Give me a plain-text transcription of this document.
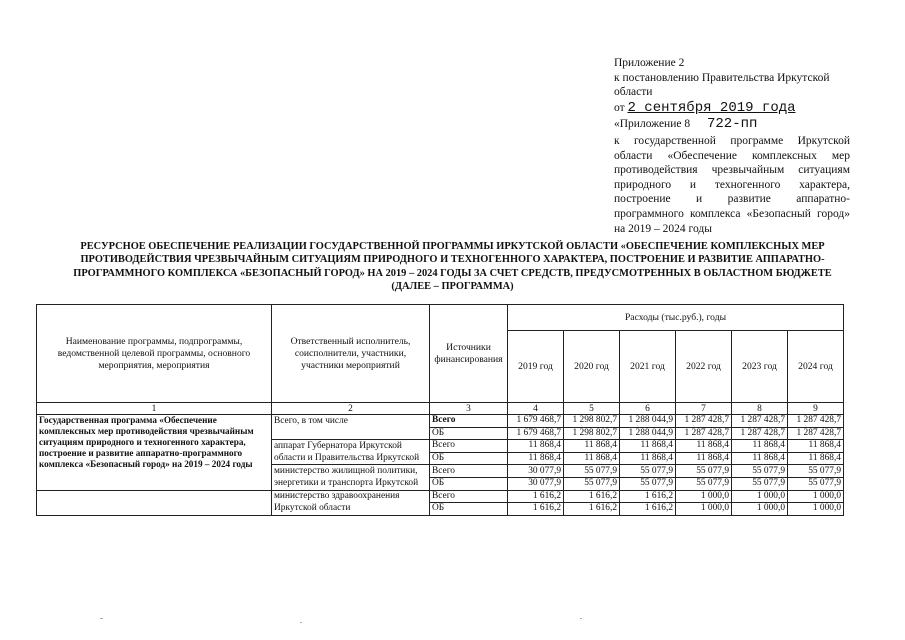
Приложение 2
к постановлению Правительства Иркутской
области
от 2 сентября 2019 года
«Приложение 8 722-пп
к государственной программе Иркутской
области «Обеспечение комплексных мер
противодействия чрезвычайным ситуациям
природного и техногенного характера,
построение и развитие аппаратно-
программного комплекса «Безопасный город»
на 2019 – 2024 годы
РЕСУРСНОЕ ОБЕСПЕЧЕНИЕ РЕАЛИЗАЦИИ ГОСУДАРСТВЕННОЙ ПРОГРАММЫ ИРКУТСКОЙ ОБЛАСТИ «ОБЕСПЕЧЕНИЕ КОМПЛЕКСНЫХ МЕР ПРОТИВОДЕЙСТВИЯ ЧРЕЗВЫЧАЙНЫМ СИТУАЦИЯМ ПРИРОДНОГО И ТЕХНОГЕННОГО ХАРАКТЕРА, ПОСТРОЕНИЕ И РАЗВИТИЕ АППАРАТНО-ПРОГРАММНОГО КОМПЛЕКСА «БЕЗОПАСНЫЙ ГОРОД» НА 2019 – 2024 ГОДЫ ЗА СЧЕТ СРЕДСТВ, ПРЕДУСМОТРЕННЫХ В ОБЛАСТНОМ БЮДЖЕТЕ (ДАЛЕЕ – ПРОГРАММА)
Наименование программы, подпрограммы, ведомственной целевой программы, основного мероприятия, мероприятия	Ответственный исполнитель, соисполнители, участники, участники мероприятий	Источники финансирования	Расходы (тыс.руб.), годы					
			2019 год	2020 год	2021 год	2022 год	2023 год	2024 год
1	2	3	4	5	6	7	8	9
Государственная программа «Обеспечение комплексных мер противодействия чрезвычайным ситуациям природного и техногенного характера, построение и развитие аппаратно-программного комплекса «Безопасный город» на 2019 – 2024 годы	Всего, в том числе	Всего	1 679 468,7	1 298 802,7	1 288 044,9	1 287 428,7	1 287 428,7	1 287 428,7
		ОБ	1 679 468,7	1 298 802,7	1 288 044,9	1 287 428,7	1 287 428,7	1 287 428,7
	аппарат Губернатора Иркутской	Всего	11 868,4	11 868,4	11 868,4	11 868,4	11 868,4	11 868,4
	области и Правительства Иркутской	ОБ	11 868,4	11 868,4	11 868,4	11 868,4	11 868,4	11 868,4
	министерство жилищной политики,	Всего	30 077,9	55 077,9	55 077,9	55 077,9	55 077,9	55 077,9
	энергетики и транспорта Иркутской	ОБ	30 077,9	55 077,9	55 077,9	55 077,9	55 077,9	55 077,9
	министерство здравоохранения	Всего	1 616,2	1 616,2	1 616,2	1 000,0	1 000,0	1 000,0
	Иркутской области	ОБ	1 616,2	1 616,2	1 616,2	1 000,0	1 000,0	1 000,0
